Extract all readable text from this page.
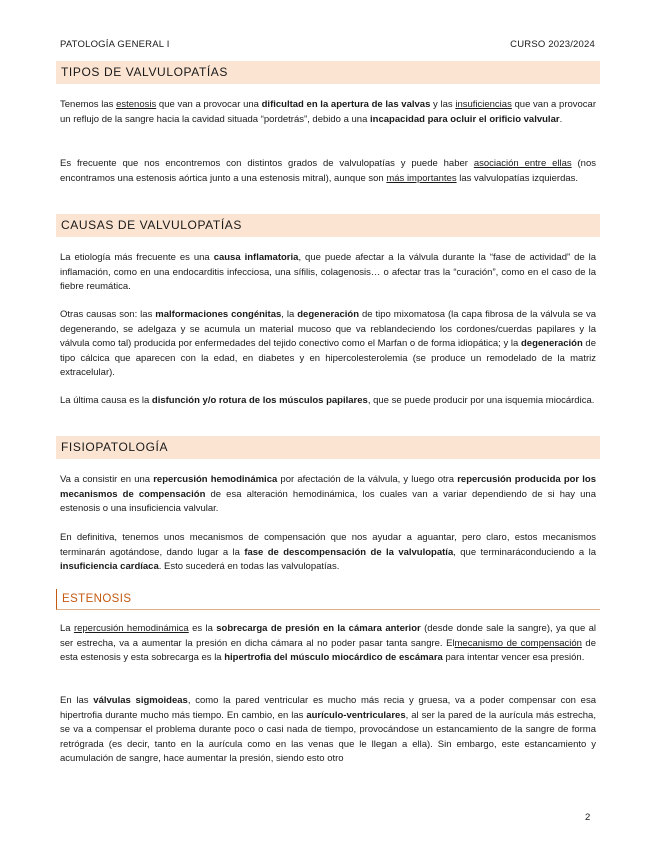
PATOLOGÍA GENERAL I	CURSO 2023/2024
TIPOS DE VALVULOPATÍAS

Tenemos las estenosis que van a provocar una dificultad en la apertura de las valvas y las insuficiencias que van a provocar un reflujo de la sangre hacia la cavidad situada “pordetrás”, debido a una incapacidad para ocluir el orificio valvular.

Es frecuente que nos encontremos con distintos grados de valvulopatías y puede haber asociación entre ellas (nos encontramos una estenosis aórtica junto a una estenosis mitral), aunque son más importantes las valvulopatías izquierdas.

CAUSAS DE VALVULOPATÍAS

La etiología más frecuente es una causa inflamatoria, que puede afectar a la válvula durante la “fase de actividad” de la inflamación, como en una endocarditis infecciosa, una sífilis, colagenosis… o afectar tras la “curación”, como en el caso de la fiebre reumática.

Otras causas son: las malformaciones congénitas, la degeneración de tipo mixomatosa (la capa fibrosa de la válvula se va degenerando, se adelgaza y se acumula un material mucoso que va reblandeciendo los cordones/cuerdas papilares y la válvula como tal) producida por enfermedades del tejido conectivo como el Marfan o de forma idiopática; y la degeneración de tipo cálcica que aparecen con la edad, en diabetes y en hipercolesterolemia (se produce un remodelado de la matriz extracelular).

La última causa es la disfunción y/o rotura de los músculos papilares, que se puede producir por una isquemia miocárdica.

FISIOPATOLOGÍA

Va a consistir en una repercusión hemodinámica por afectación de la válvula, y luego otra repercusión producida por los mecanismos de compensación de esa alteración hemodinámica, los cuales van a variar dependiendo de si hay una estenosis o una insuficiencia valvular.

En definitiva, tenemos unos mecanismos de compensación que nos ayudar a aguantar, pero claro, estos mecanismos terminarán agotándose, dando lugar a la fase de descompensación de la valvulopatía, que terminaráconduciendo a la insuficiencia cardíaca. Esto sucederá en todas las valvulopatías.

ESTENOSIS

La repercusión hemodinámica es la sobrecarga de presión en la cámara anterior (desde donde sale la sangre), ya que al ser estrecha, va a aumentar la presión en dicha cámara al no poder pasar tanta sangre. Elmecanismo de compensación de esta estenosis y esta sobrecarga es la hipertrofia del músculo miocárdico de escámara para intentar vencer esa presión.

En las válvulas sigmoideas, como la pared ventricular es mucho más recia y gruesa, va a poder compensar con esa hipertrofia durante mucho más tiempo. En cambio, en las aurículo-ventriculares, al ser la pared de la aurícula más estrecha, se va a compensar el problema durante poco o casi nada de tiempo, provocándose un estancamiento de la sangre de forma retrógrada (es decir, tanto en la aurícula como en las venas que le llegan a ella). Sin embargo, este estancamiento y acumulación de sangre, hace aumentar la presión, siendo esto otro

2
